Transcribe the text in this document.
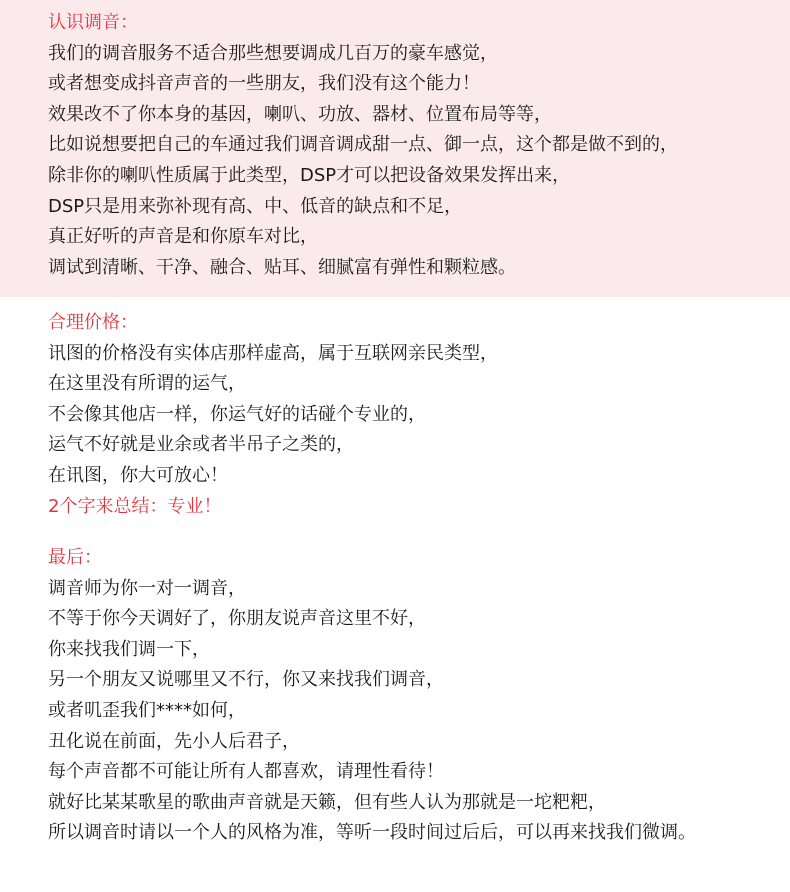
认识调音：

我们的调音服务不适合那些想要调成几百万的豪车感觉，

或者想变成抖音声音的一些朋友，我们没有这个能力！

效果改不了你本身的基因，喇叭、功放、器材、位置布局等等，

比如说想要把自己的车通过我们调音调成甜一点、御一点，这个都是做不到的，

除非你的喇叭性质属于此类型，DSP才可以把设备效果发挥出来，

DSP只是用来弥补现有高、中、低音的缺点和不足，

真正好听的声音是和你原车对比，

调试到清晰、干净、融合、贴耳、细腻富有弹性和颗粒感。

合理价格：

讯图的价格没有实体店那样虚高，属于互联网亲民类型，

在这里没有所谓的运气，

不会像其他店一样，你运气好的话碰个专业的，

运气不好就是业余或者半吊子之类的，

在讯图，你大可放心！

2个字来总结：专业！

最后：

调音师为你一对一调音，

不等于你今天调好了，你朋友说声音这里不好，

你来找我们调一下，

另一个朋友又说哪里又不行，你又来找我们调音，

或者叽歪我们****如何，

丑化说在前面，先小人后君子，

每个声音都不可能让所有人都喜欢，请理性看待！

就好比某某歌星的歌曲声音就是天籁，但有些人认为那就是一坨粑粑，

所以调音时请以一个人的风格为准，等听一段时间过后后，可以再来找我们微调。
